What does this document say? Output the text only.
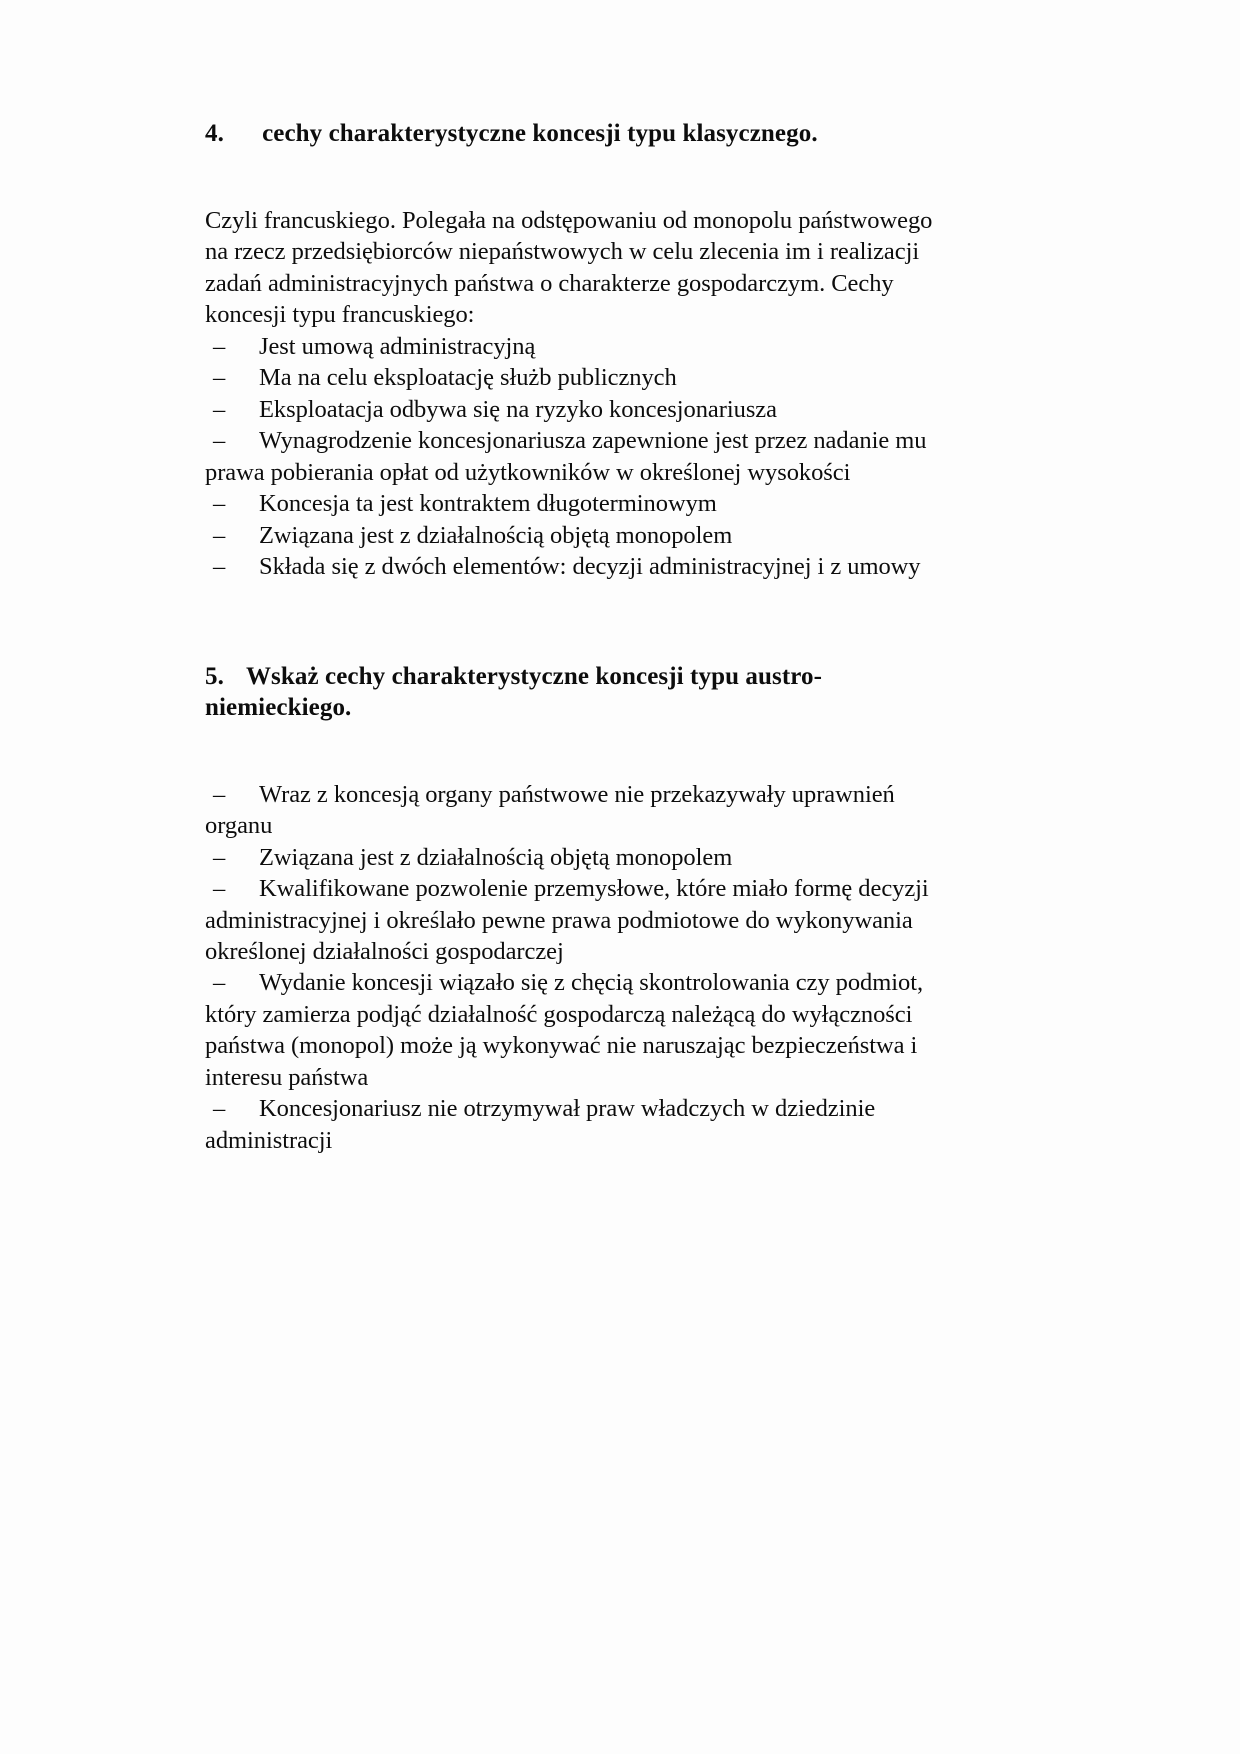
4. cechy charakterystyczne koncesji typu klasycznego.
Czyli francuskiego. Polegała na odstępowaniu od monopolu państwowego
na rzecz przedsiębiorców niepaństwowych w celu zlecenia im i realizacji
zadań administracyjnych państwa o charakterze gospodarczym. Cechy
koncesji typu francuskiego:
– Jest umową administracyjną
– Ma na celu eksploatację służb publicznych
– Eksploatacja odbywa się na ryzyko koncesjonariusza
– Wynagrodzenie koncesjonariusza zapewnione jest przez nadanie mu
prawa pobierania opłat od użytkowników w określonej wysokości
– Koncesja ta jest kontraktem długoterminowym
– Związana jest z działalnością objętą monopolem
– Składa się z dwóch elementów: decyzji administracyjnej i z umowy
5. Wskaż cechy charakterystyczne koncesji typu austro-
niemieckiego.
– Wraz z koncesją organy państwowe nie przekazywały uprawnień
organu
– Związana jest z działalnością objętą monopolem
– Kwalifikowane pozwolenie przemysłowe, które miało formę decyzji
administracyjnej i określało pewne prawa podmiotowe do wykonywania
określonej działalności gospodarczej
– Wydanie koncesji wiązało się z chęcią skontrolowania czy podmiot,
który zamierza podjąć działalność gospodarczą należącą do wyłączności
państwa (monopol) może ją wykonywać nie naruszając bezpieczeństwa i
interesu państwa
– Koncesjonariusz nie otrzymywał praw władczych w dziedzinie
administracji
